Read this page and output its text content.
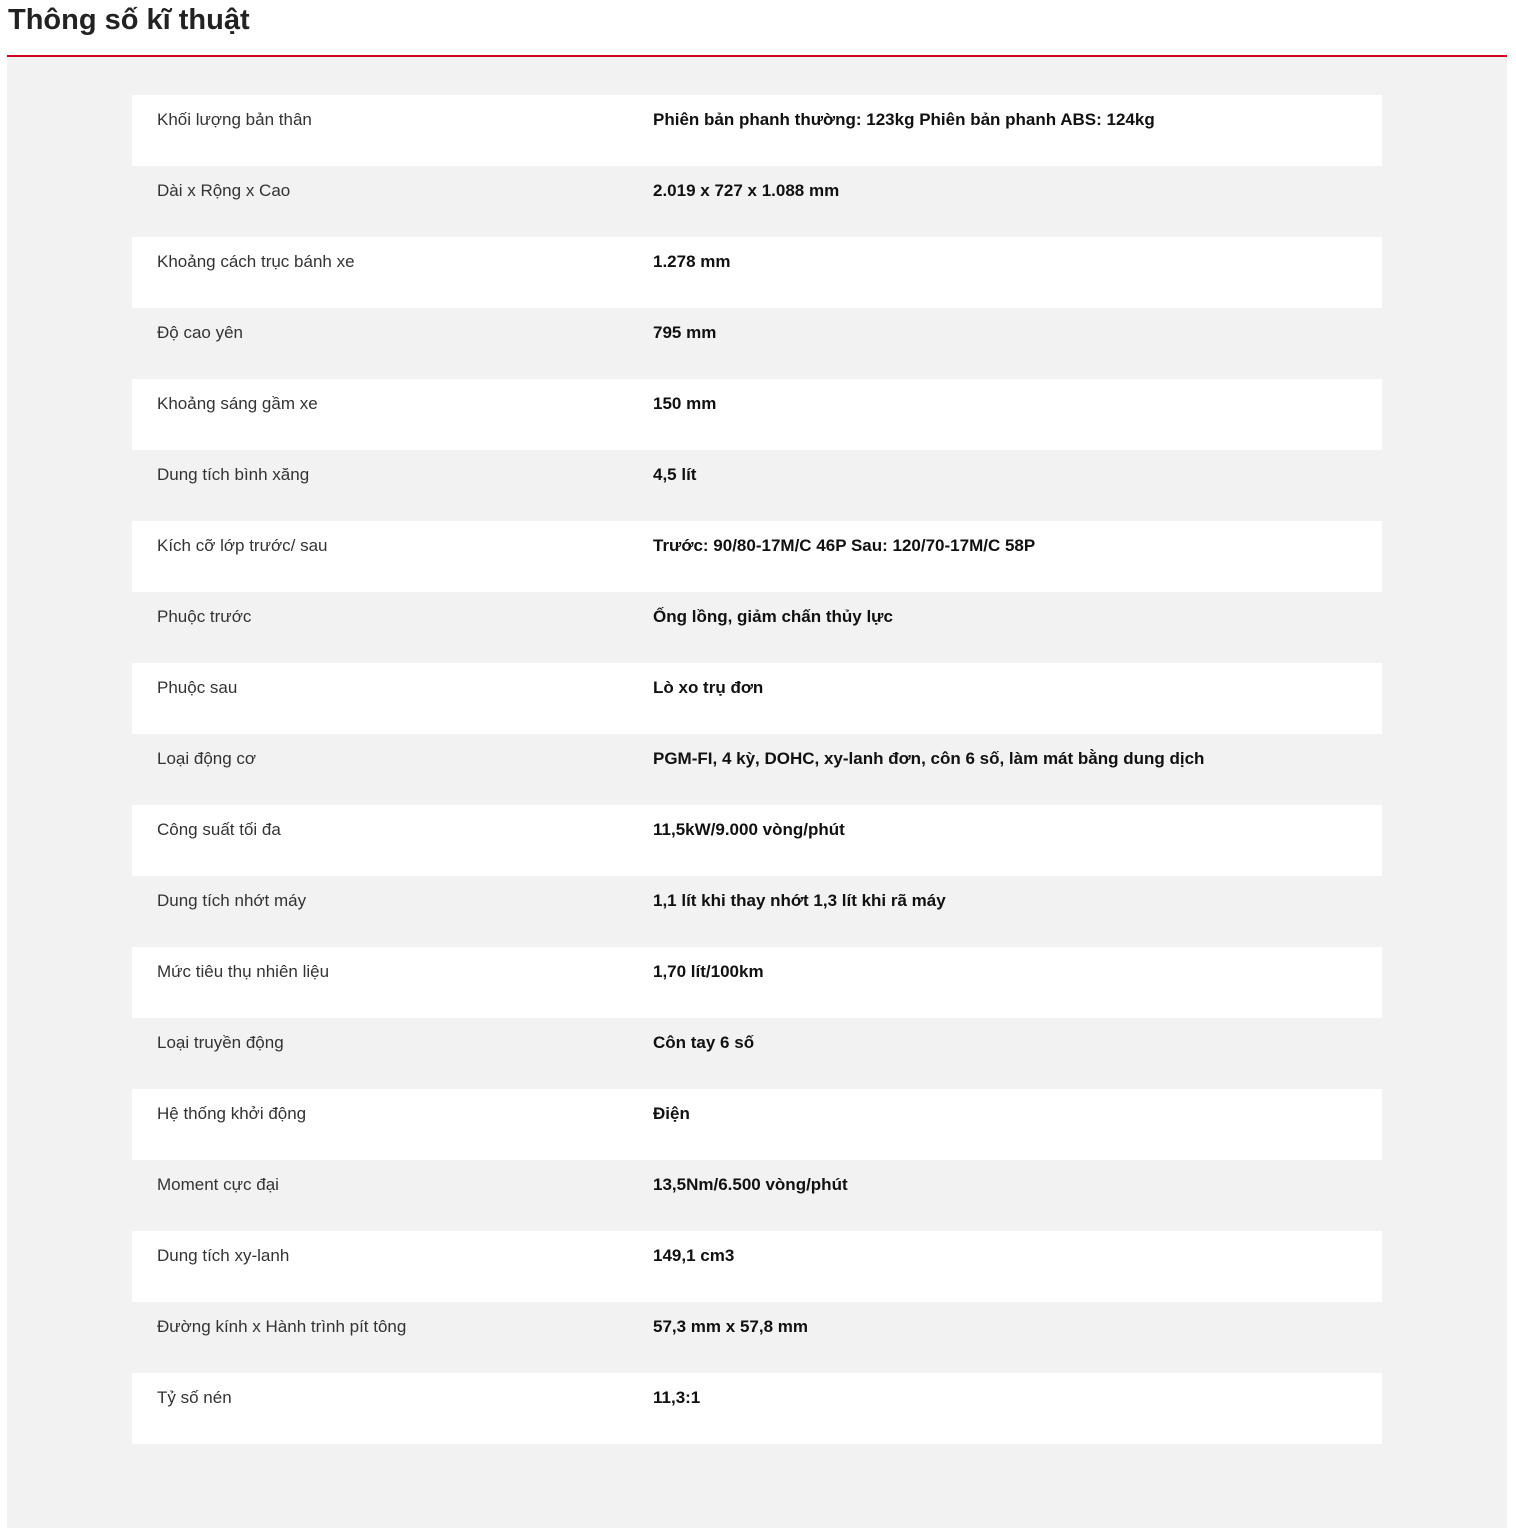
Thông số kĩ thuật
Khối lượng bản thân	Phiên bản phanh thường: 123kg Phiên bản phanh ABS: 124kg
Dài x Rộng x Cao	2.019 x 727 x 1.088 mm
Khoảng cách trục bánh xe	1.278 mm
Độ cao yên	795 mm
Khoảng sáng gầm xe	150 mm
Dung tích bình xăng	4,5 lít
Kích cỡ lớp trước/ sau	Trước: 90/80-17M/C 46P Sau: 120/70-17M/C 58P
Phuộc trước	Ống lồng, giảm chấn thủy lực
Phuộc sau	Lò xo trụ đơn
Loại động cơ	PGM-FI, 4 kỳ, DOHC, xy-lanh đơn, côn 6 số, làm mát bằng dung dịch
Công suất tối đa	11,5kW/9.000 vòng/phút
Dung tích nhớt máy	1,1 lít khi thay nhớt 1,3 lít khi rã máy
Mức tiêu thụ nhiên liệu	1,70 lít/100km
Loại truyền động	Côn tay 6 số
Hệ thống khởi động	Điện
Moment cực đại	13,5Nm/6.500 vòng/phút
Dung tích xy-lanh	149,1 cm3
Đường kính x Hành trình pít tông	57,3 mm x 57,8 mm
Tỷ số nén	11,3:1
